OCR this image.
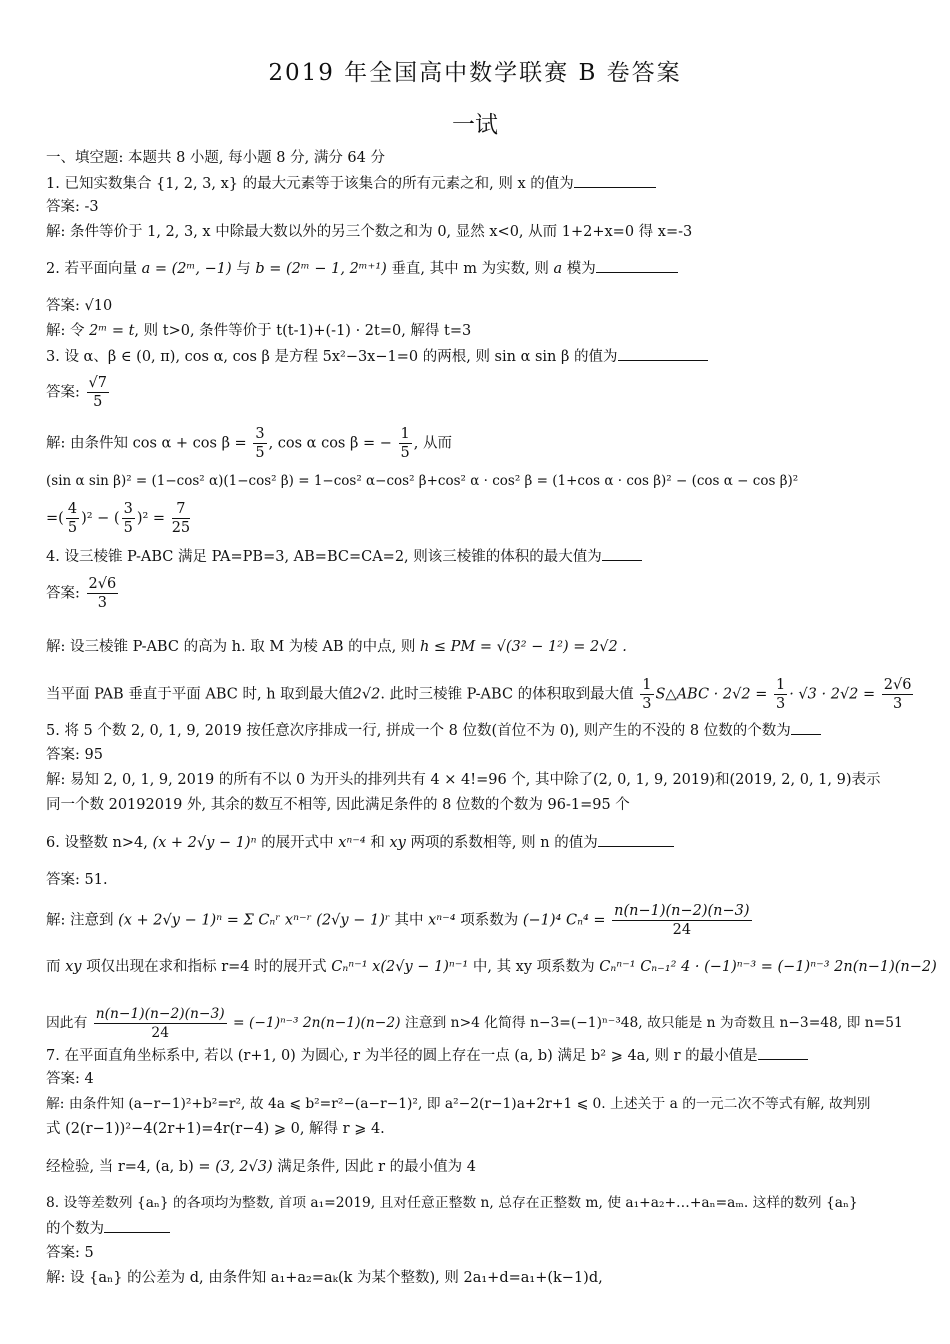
2019 年全国高中数学联赛 B 卷答案
一试
一、填空题: 本题共 8 小题, 每小题 8 分, 满分 64 分
1. 已知实数集合 {1, 2, 3, x} 的最大元素等于该集合的所有元素之和, 则 x 的值为
答案: -3
解: 条件等价于 1, 2, 3, x 中除最大数以外的另三个数之和为 0, 显然 x<0, 从而 1+2+x=0 得 x=-3
2. 若平面向量 a = (2ᵐ, −1) 与 b = (2ᵐ − 1, 2ᵐ⁺¹) 垂直, 其中 m 为实数, 则 a 模为
答案: √10
解: 令 2ᵐ = t, 则 t>0, 条件等价于 t(t-1)+(-1) · 2t=0, 解得 t=3
3. 设 α、β ∈ (0, π), cos α, cos β 是方程 5x²−3x−1=0 的两根, 则 sin α sin β 的值为
答案: $\frac{√7}{5}$
解: 由条件知 $\cos \alpha + \cos \beta = \frac{3}{5}$ , cos α cos β = − $\frac{1}{5}$ , 从而
(sin α sin β)² = (1−cos² α)(1−cos² β) = 1−cos² α−cos² β+cos² α · cos² β = (1+cos α · cos β)² − (cos α − cos β)²
=( $\frac{4}{5} )^2$ − ( $\frac{3}{5} )^2 = \frac{7}{25}$
4. 设三棱锥 P-ABC 满足 PA=PB=3, AB=BC=CA=2, 则该三棱锥的体积的最大值为
答案: $\frac{2√6}{3}$
解: 设三棱锥 P-ABC 的高为 h. 取 M 为棱 AB 的中点, 则 h ≤ PM = √(3² − 1²) = 2√2 .
当平面 PAB 垂直于平面 ABC 时, h 取到最大值2√2. 此时三棱锥 P-ABC 的体积取到最大值 $\frac{1}{3}$ S△ABC · $2√2 = \frac{1}{3} \cdot √3 \cdot 2√2 = \frac{2√6}{3}$
5. 将 5 个数 2, 0, 1, 9, 2019 按任意次序排成一行, 拼成一个 8 位数(首位不为 0), 则产生的不没的 8 位数的个数为
答案: 95
解: 易知 2, 0, 1, 9, 2019 的所有不以 0 为开头的排列共有 4 × 4!=96 个, 其中除了(2, 0, 1, 9, 2019)和(2019, 2, 0, 1, 9)表示
同一个数 20192019 外, 其余的数互不相等, 因此满足条件的 8 位数的个数为 96-1=95 个
6. 设整数 n>4, (x + 2√y − 1)ⁿ 的展开式中 xⁿ⁻⁴ 和 xy 两项的系数相等, 则 n 的值为
答案: 51.
解: 注意到 (x + 2√y − 1)ⁿ = Σ Cₙʳ xⁿ⁻ʳ (2√y − 1)ʳ 其中 xⁿ⁻⁴ 项系数为 (−1)⁴ $C_n^4 = \frac{n(n-1)(n-2)(n-3)}{24}$
而 xy 项仅出现在求和指标 r=4 时的展开式 Cₙⁿ⁻¹ x(2√y − 1)ⁿ⁻¹ 中, 其 xy 项系数为 Cₙⁿ⁻¹ Cₙ₋₁² 4 · (−1)ⁿ⁻³ = (−1)ⁿ⁻³ 2n(n−1)(n−2)
因此有 $\frac{n(n-1)(n-2)(n-3)}{24} = (-1)^{n-3}$ 2n(n−1)(n−2) 注意到 n>4 化简得 n−3=(−1)ⁿ⁻³48, 故只能是 n 为奇数且 n−3=48, 即 n=51
7. 在平面直角坐标系中, 若以 (r+1, 0) 为圆心, r 为半径的圆上存在一点 (a, b) 满足 b² ⩾ 4a, 则 r 的最小值是
答案: 4
解: 由条件知 (a−r−1)²+b²=r², 故 4a ⩽ b²=r²−(a−r−1)², 即 a²−2(r−1)a+2r+1 ⩽ 0. 上述关于 a 的一元二次不等式有解, 故判别
式 (2(r−1))²−4(2r+1)=4r(r−4) ⩾ 0, 解得 r ⩾ 4.
经检验, 当 r=4, (a, b) = (3, 2√3) 满足条件, 因此 r 的最小值为 4
8. 设等差数列 {aₙ} 的各项均为整数, 首项 a₁=2019, 且对任意正整数 n, 总存在正整数 m, 使 a₁+a₂+…+aₙ=aₘ. 这样的数列 {aₙ}
的个数为
答案: 5
解: 设 {aₙ} 的公差为 d, 由条件知 a₁+a₂=aₖ(k 为某个整数), 则 2a₁+d=a₁+(k−1)d,
